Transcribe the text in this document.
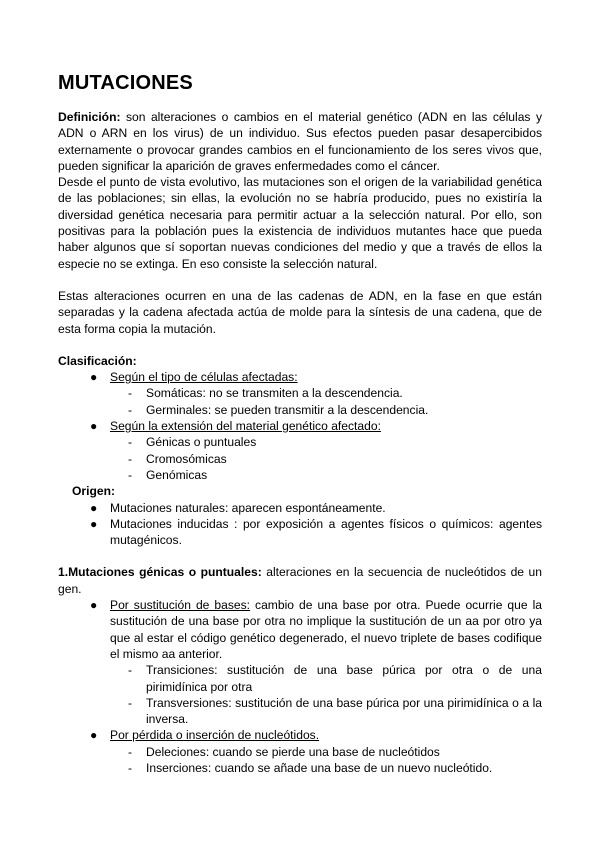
MUTACIONES

Definición: son alteraciones o cambios en el material genético (ADN en las células y ADN o ARN en los virus) de un individuo. Sus efectos pueden pasar desapercibidos externamente o provocar grandes cambios en el funcionamiento de los seres vivos que, pueden significar la aparición de graves enfermedades como el cáncer.

Desde el punto de vista evolutivo, las mutaciones son el origen de la variabilidad genética de las poblaciones; sin ellas, la evolución no se habría producido, pues no existiría la diversidad genética necesaria para permitir actuar a la selección natural. Por ello, son positivas para la población pues la existencia de individuos mutantes hace que pueda haber algunos que sí soportan nuevas condiciones del medio y que a través de ellos la especie no se extinga. En eso consiste la selección natural.

Estas alteraciones ocurren en una de las cadenas de ADN, en la fase en que están separadas y la cadena afectada actúa de molde para la síntesis de una cadena, que de esta forma copia la mutación.

Clasificación:

● Según el tipo de células afectadas:
- Somáticas: no se transmiten a la descendencia.
- Germinales: se pueden transmitir a la descendencia.
● Según la extensión del material genético afectado:
- Génicas o puntuales
- Cromosómicas
- Genómicas

Origen:

● Mutaciones naturales: aparecen espontáneamente.
● Mutaciones inducidas : por exposición a agentes físicos o químicos: agentes mutagénicos.

1.Mutaciones génicas o puntuales: alteraciones en la secuencia de nucleótidos de un gen.

● Por sustitución de bases: cambio de una base por otra. Puede ocurrie que la sustitución de una base por otra no implique la sustitución de un aa por otro ya que al estar el código genético degenerado, el nuevo triplete de bases codifique el mismo aa anterior.
- Transiciones: sustitución de una base púrica por otra o de una pirimidínica por otra
- Transversiones: sustitución de una base púrica por una pirimidínica o a la inversa.
● Por pérdida o inserción de nucleótidos.
- Deleciones: cuando se pierde una base de nucleótidos
- Inserciones: cuando se añade una base de un nuevo nucleótido.
